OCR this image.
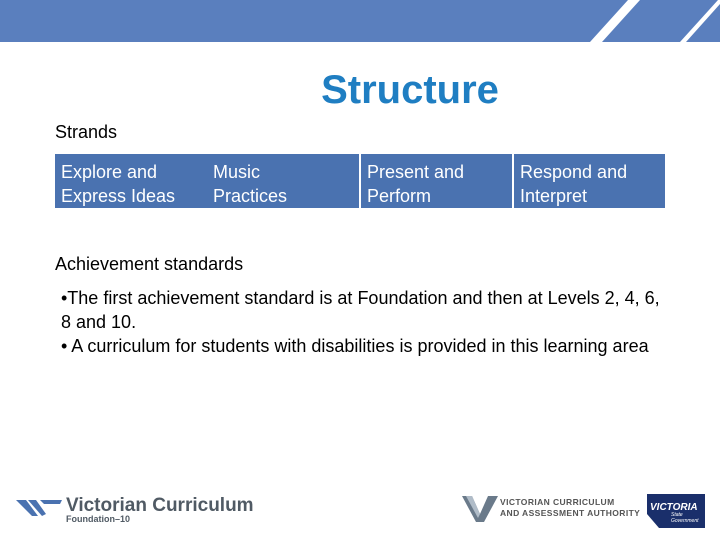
Structure
Strands
Explore and
Express Ideas
Music
Practices
Present and
Perform
Respond and
Interpret
Achievement standards

•The first achievement standard is at Foundation and then at Levels 2, 4, 6, 8 and 10.

• A curriculum for students with disabilities is provided in this learning area

Victorian Curriculum
Foundation–10
VICTORIAN CURRICULUM
AND ASSESSMENT AUTHORITY VICTORIA
State
Government
